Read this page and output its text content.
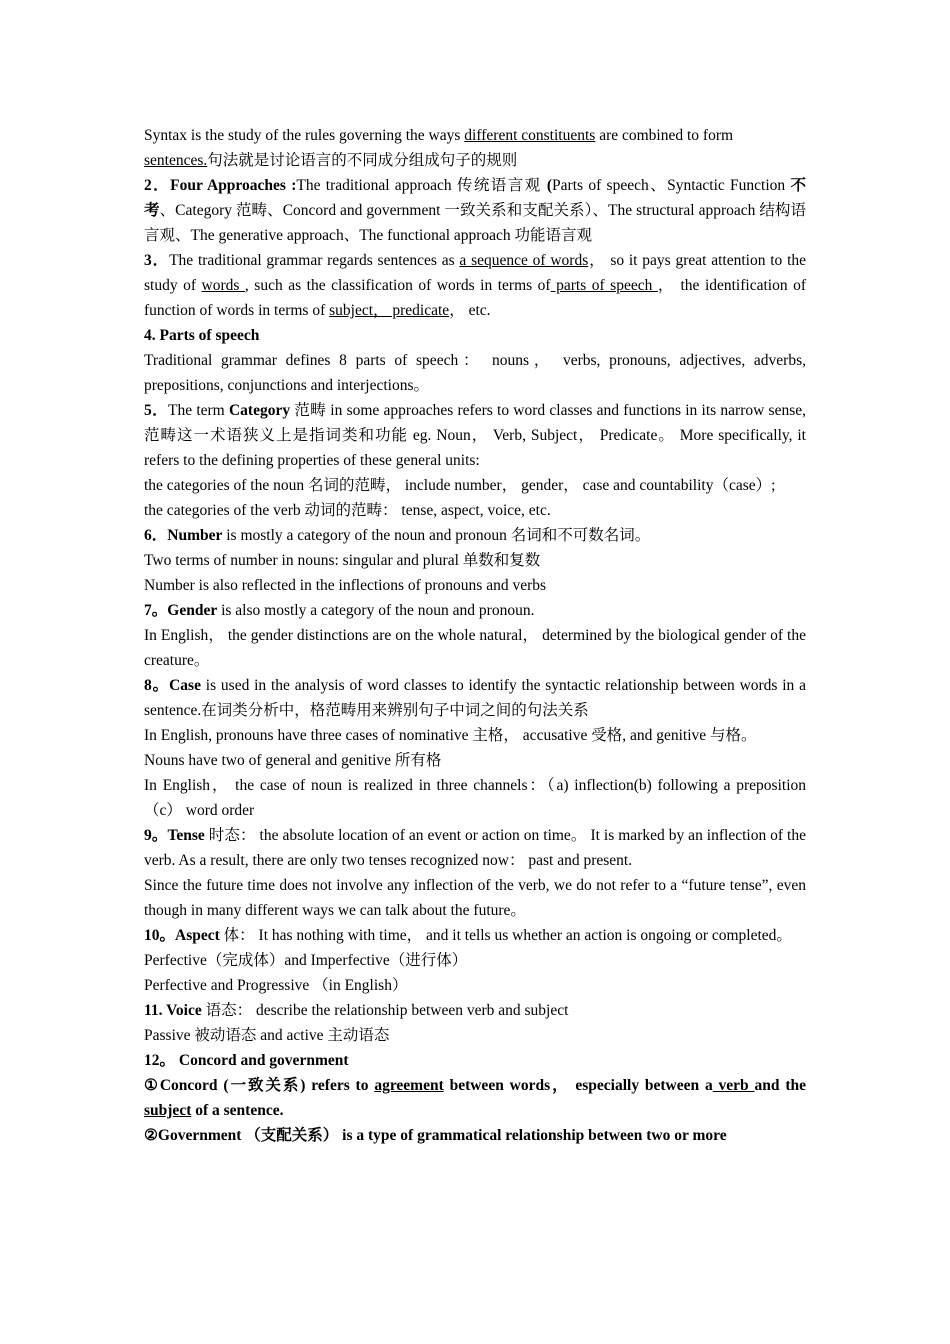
Syntax is the study of the rules governing the ways different constituents are combined to form
sentences.句法就是讨论语言的不同成分组成句子的规则

2．Four Approaches :The traditional approach 传统语言观 (Parts of speech、Syntactic Function 不考、Category 范畴、Concord and government 一致关系和支配关系）、The structural approach 结构语言观、The generative approach、The functional approach 功能语言观

3．The traditional grammar regards sentences as a sequence of words， so it pays great attention to the study of words , such as the classification of words in terms of parts of speech ， the identification of function of words in terms of subject， predicate， etc.

4. Parts of speech
Traditional grammar defines 8 parts of speech： nouns， verbs, pronouns, adjectives, adverbs, prepositions, conjunctions and interjections。

5．The term Category 范畴 in some approaches refers to word classes and functions in its narrow sense,范畴这一术语狭义上是指词类和功能 eg. Noun， Verb, Subject， Predicate。 More specifically, it refers to the defining properties of these general units:

the categories of the noun 名词的范畴， include number， gender， case and countability（case）;

the categories of the verb 动词的范畴： tense, aspect, voice, etc.

6．Number is mostly a category of the noun and pronoun 名词和不可数名词。

Two terms of number in nouns: singular and plural 单数和复数

Number is also reflected in the inflections of pronouns and verbs

7。Gender is also mostly a category of the noun and pronoun.

In English， the gender distinctions are on the whole natural， determined by the biological gender of the creature。

8。Case is used in the analysis of word classes to identify the syntactic relationship between words in a sentence.在词类分析中，格范畴用来辨别句子中词之间的句法关系

In English, pronouns have three cases of nominative 主格， accusative 受格, and genitive 与格。

Nouns have two of general and genitive 所有格

In English， the case of noun is realized in three channels：（a) inflection(b) following a preposition（c） word order

9。Tense 时态： the absolute location of an event or action on time。 It is marked by an inflection of the verb. As a result, there are only two tenses recognized now： past and present.

Since the future time does not involve any inflection of the verb, we do not refer to a “future tense”, even though in many different ways we can talk about the future。

10。Aspect 体： It has nothing with time， and it tells us whether an action is ongoing or completed。

Perfective（完成体）and Imperfective（进行体）

Perfective and Progressive （in English）

11. Voice 语态： describe the relationship between verb and subject

Passive 被动语态 and active 主动语态

12。 Concord and government

①Concord (一致关系) refers to agreement between words， especially between a verb and the subject of a sentence.

②Government （支配关系） is a type of grammatical relationship between two or more
